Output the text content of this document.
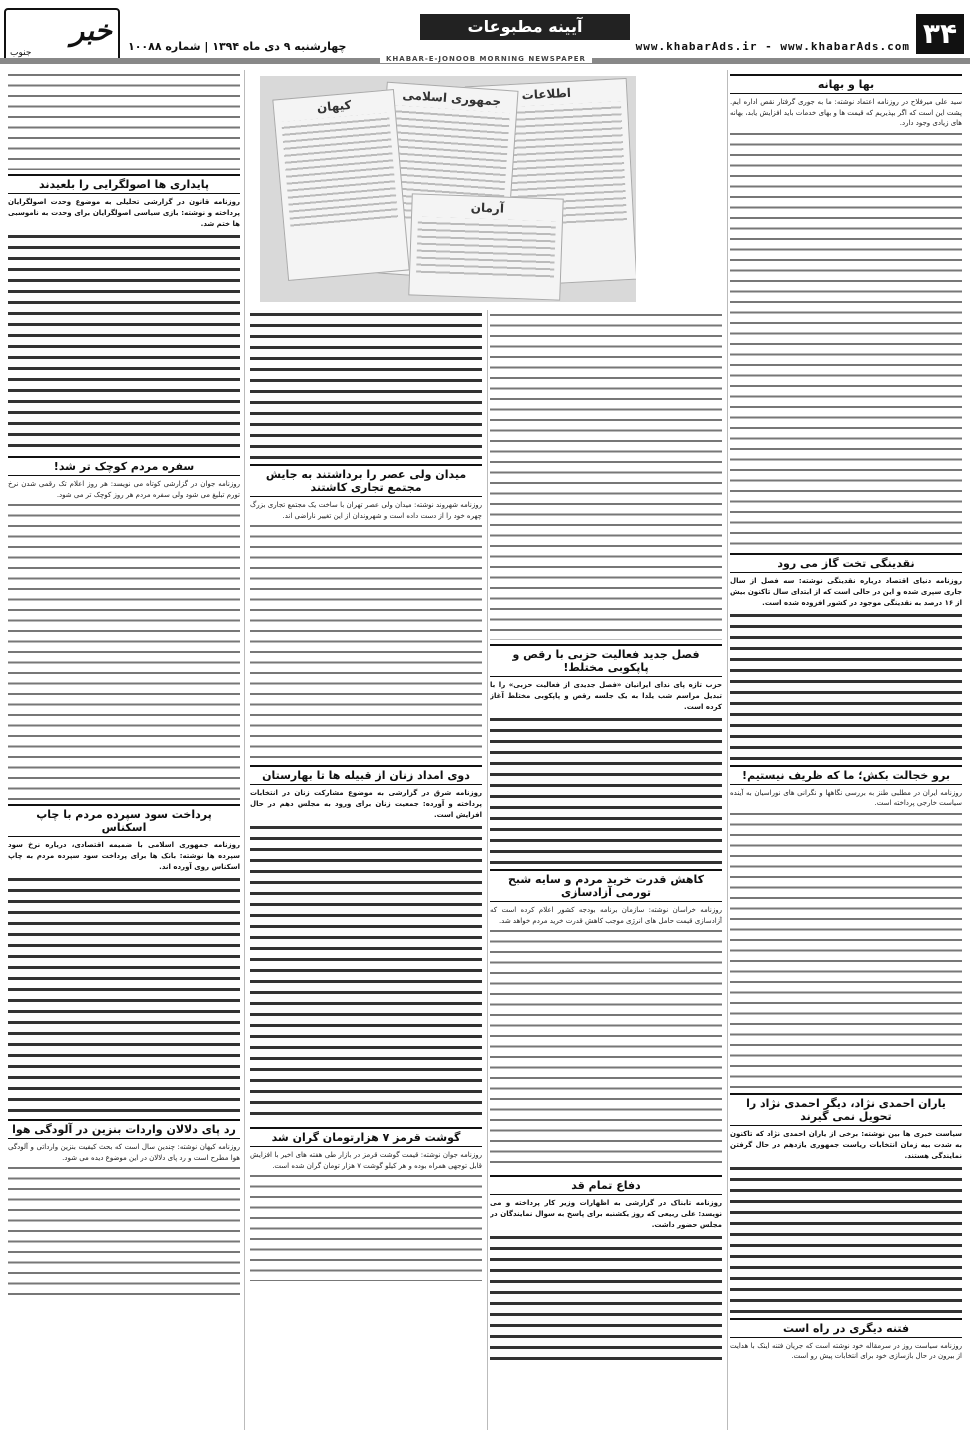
۳۴
www.khabarAds.ir - www.khabarAds.com
آیینه مطبوعات
چهارشنبه ۹ دی ماه ۱۳۹۴ | شماره ۱۰۰۸۸
خبر
جنوب
KHABAR-E-JONOOB MORNING NEWSPAPER
بها و بهانه

سید علی میرفلاح در روزنامه اعتماد نوشته: ما به جوری گرفتار نقص اداره ایم. پشت این است که اگر بپذیریم که قیمت ها و بهای خدمات باید افزایش یابد، بهانه های زیادی وجود دارد.

نقدینگی تخت گاز می رود

روزنامه دنیای اقتصاد درباره نقدینگی نوشته: سه فصل از سال جاری سپری شده و این در حالی است که از ابتدای سال تاکنون بیش از ۱۶ درصد به نقدینگی موجود در کشور افزوده شده است.

برو خجالت بکش؛ ما که ظریف نیستیم!

روزنامه ایران در مطلبی طنز به بررسی نگاهها و نگرانی های نوراسیان به آینده سیاست خارجی پرداخته است.

یاران احمدی نژاد، دیگر احمدی نژاد را تحویل نمی گیرند

سیاست خبری ها بین نوشته: برخی از یاران احمدی نژاد که تاکنون به شدت بیه زمان انتخابات ریاست جمهوری یازدهم در حال گرفتن نمایندگی هستند.

فتنه دیگری در راه است

روزنامه سیاست روز در سرمقاله خود نوشته است که جریان فتنه اینک با هدایت از بیرون در حال بازسازی خود برای انتخابات پیش رو است.

اطلاعات
جمهوری اسلامی
کیهان
آرمان
فصل جدید فعالیت حزبی با رقص و پاپکوبی مختلط!

حزب تازه پای ندای ایرانیان «فصل جدیدی از فعالیت حزبی» را با تبدیل مراسم شب یلدا به یک جلسه رقص و پاپکوبی مختلط آغاز کرده است.

کاهش قدرت خرید مردم و سایه شبح تورمی آزادسازی

روزنامه خراسان نوشته: سازمان برنامه بودجه کشور اعلام کرده است که آزادسازی قیمت حامل های انرژی موجب کاهش قدرت خرید مردم خواهد شد.

دفاع تمام قد

روزنامه تابناک در گزارشی به اظهارات وزیر کار پرداخته و می نویسد: علی ربیعی که روز یکشنبه برای پاسخ به سوال نمایندگان در مجلس حضور داشت.

میدان ولی عصر را برداشتند به جایش مجتمع تجاری کاشتند

روزنامه شهروند نوشته: میدان ولی عصر تهران با ساخت یک مجتمع تجاری بزرگ چهره خود را از دست داده است و شهروندان از این تغییر ناراضی اند.

دوی امداد زنان از قبیله ها تا بهارستان

روزنامه شرق در گزارشی به موضوع مشارکت زنان در انتخابات پرداخته و آورده: جمعیت زنان برای ورود به مجلس دهم در حال افزایش است.

گوشت قرمز ۷ هزارتومان گران شد

روزنامه جوان نوشته: قیمت گوشت قرمز در بازار طی هفته های اخیر با افزایش قابل توجهی همراه بوده و هر کیلو گوشت ۷ هزار تومان گران شده است.

پایداری ها اصولگرایی را بلعیدند

روزنامه قانون در گزارشی تحلیلی به موضوع وحدت اصولگرایان پرداخته و نوشته: بازی سیاسی اصولگرایان برای وحدت به ناموسبی ها ختم شد.

سفره مردم کوچک تر شد!

روزنامه جوان در گزارشی کوتاه می نویسد: هر روز اعلام تک رقمی شدن نرخ تورم تبلیغ می شود ولی سفره مردم هر روز کوچک تر می شود.

پرداخت سود سپرده مردم با چاپ اسکناس

روزنامه جمهوری اسلامی با ضمیمه اقتصادی، درباره نرخ سود سپرده ها نوشته: بانک ها برای پرداخت سود سپرده مردم به چاپ اسکناس روی آورده اند.

رد پای دلالان واردات بنزین در آلودگی هوا

روزنامه کیهان نوشته: چندین سال است که بحث کیفیت بنزین وارداتی و آلودگی هوا مطرح است و رد پای دلالان در این موضوع دیده می شود.
